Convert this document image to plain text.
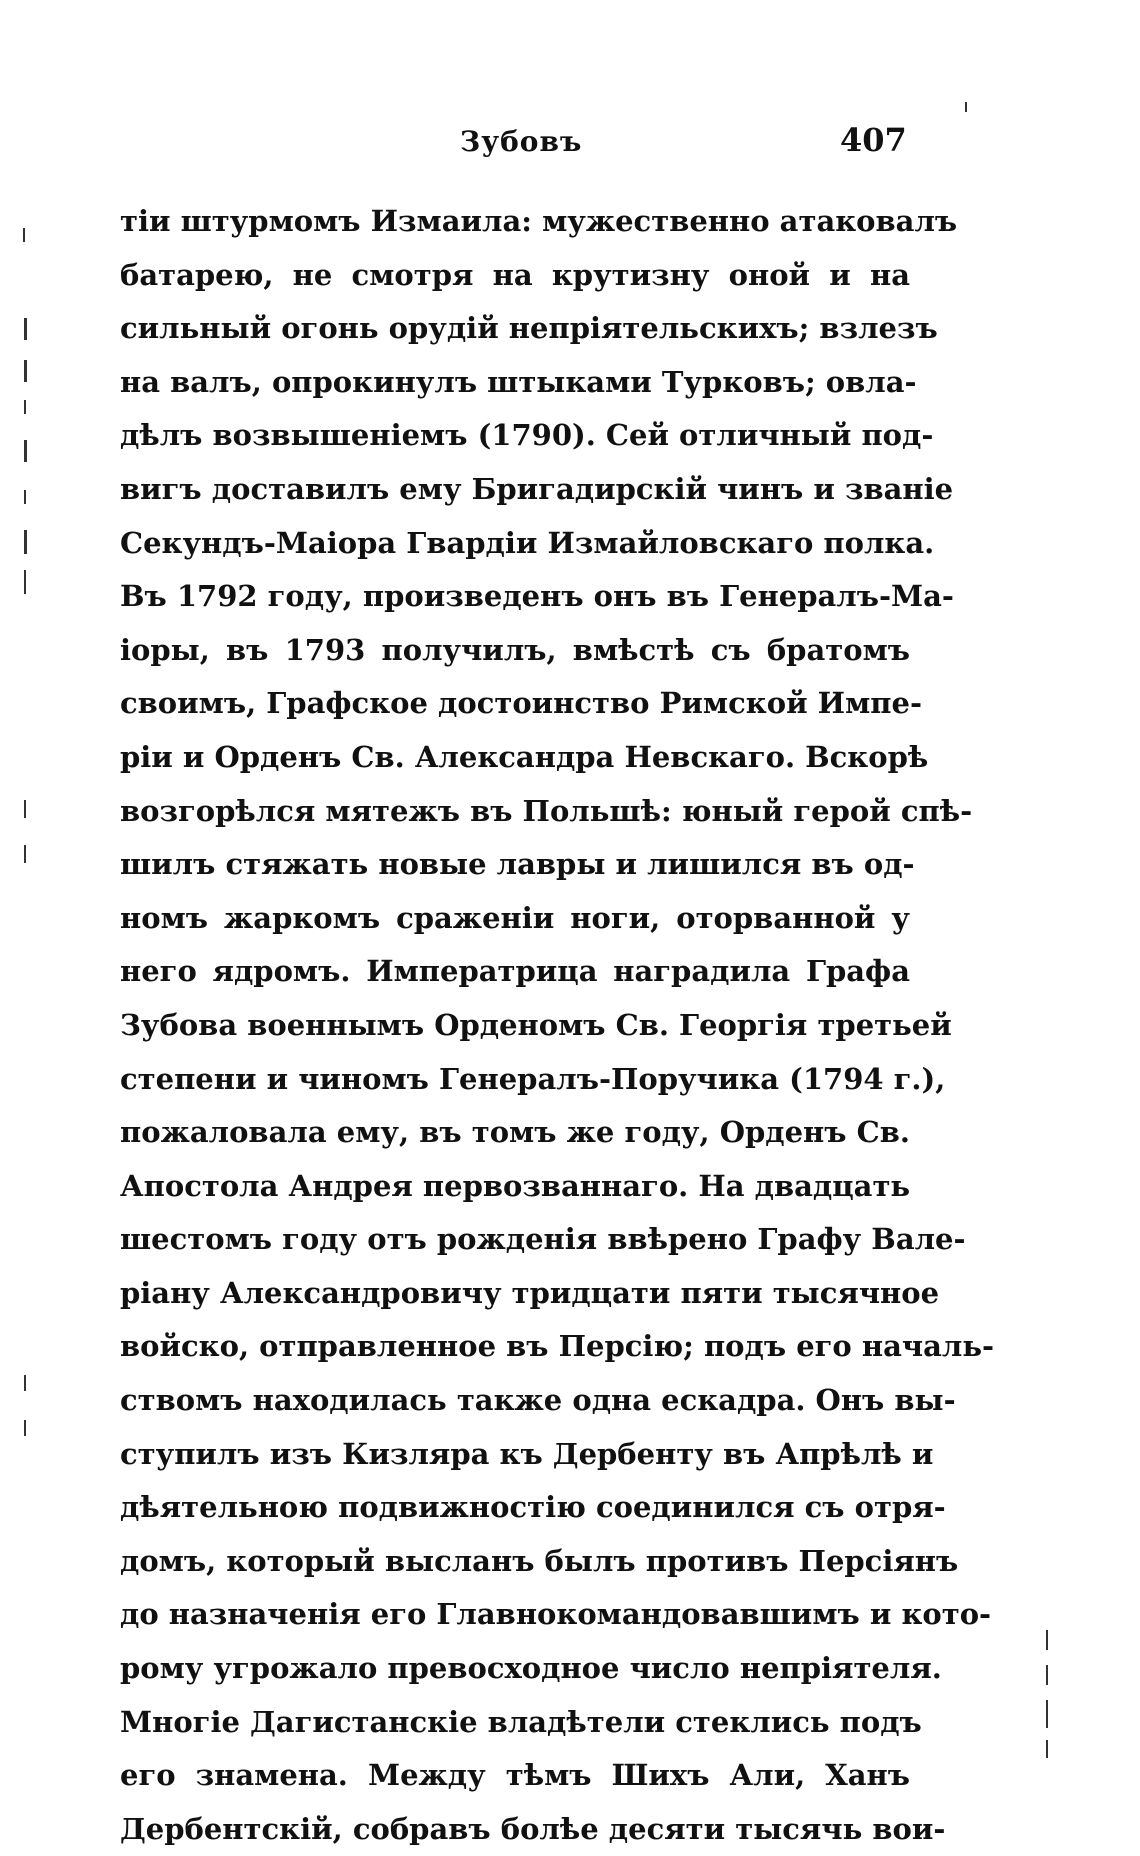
Зубовъ	407
тіи штурмомъ Измаила: мужественно атаковалъ
батарею, не смотря на крутизну оной и на
сильный огонь орудій непріятельскихъ; взлезъ
на валъ, опрокинулъ штыками Турковъ; овла-
дѣлъ возвышеніемъ (1790). Сей отличный под-
вигъ доставилъ ему Бригадирскій чинъ и званіе
Секундъ-Маіора Гвардіи Измайловскаго полка.
Въ 1792 году, произведенъ онъ въ Генералъ-Ма-
іоры, въ 1793 получилъ, вмѣстѣ съ братомъ
своимъ, Графское достоинство Римской Импе-
ріи и Орденъ Св. Александра Невскаго. Вскорѣ
возгорѣлся мятежъ въ Польшѣ: юный герой спѣ-
шилъ стяжать новые лавры и лишился въ од-
номъ жаркомъ сраженіи ноги, оторванной у
него ядромъ. Императрица наградила Графа
Зубова военнымъ Орденомъ Св. Георгія третьей
степени и чиномъ Генералъ-Поручика (1794 г.),
пожаловала ему, въ томъ же году, Орденъ Св.
Апостола Андрея первозваннаго. На двадцать
шестомъ году отъ рожденія ввѣрено Графу Вале-
ріану Александровичу тридцати пяти тысячное
войско, отправленное въ Персію; подъ его началь-
ствомъ находилась также одна ескадра. Онъ вы-
ступилъ изъ Кизляра къ Дербенту въ Апрѣлѣ и
дѣятельною подвижностію соединился съ отря-
домъ, который высланъ былъ противъ Персіянъ
до назначенія его Главнокомандовавшимъ и кото-
рому угрожало превосходное число непріятеля.
Многіе Дагистанскіе владѣтели стеклись подъ
его знамена. Между тѣмъ Шихъ Али, Ханъ
Дербентскій, собравъ болѣе десяти тысячь вои-
